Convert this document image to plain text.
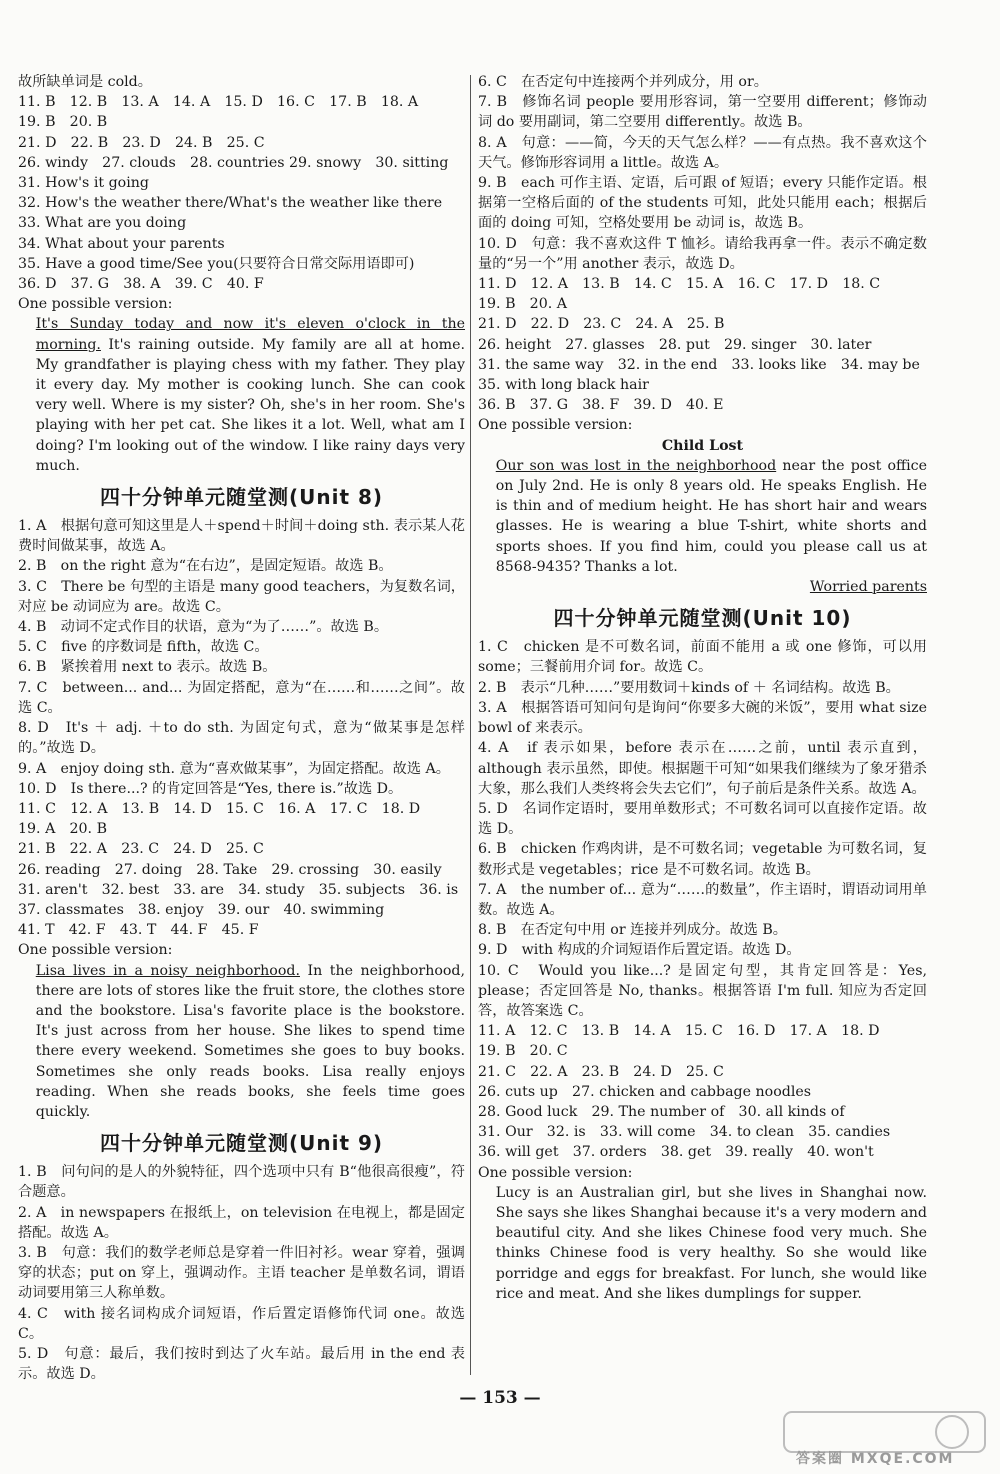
故所缺单词是 cold。

11. B　12. B　13. A　14. A　15. D　16. C　17. B　18. A

19. B　20. B

21. D　22. B　23. D　24. B　25. C

26. windy　27. clouds　28. countries 29. snowy　30. sitting

31. How's it going

32. How's the weather there/What's the weather like there

33. What are you doing

34. What about your parents

35. Have a good time/See you(只要符合日常交际用语即可)

36. D　37. G　38. A　39. C　40. F

One possible version:

It's Sunday today and now it's eleven o'clock in the morning. It's raining outside. My family are all at home. My grandfather is playing chess with my father. They play it every day. My mother is cooking lunch. She can cook very well. Where is my sister? Oh, she's in her room. She's playing with her pet cat. She likes it a lot. Well, what am I doing? I'm looking out of the window. I like rainy days very much.

四十分钟单元随堂测(Unit 8)

1. A　根据句意可知这里是人＋spend＋时间＋doing sth. 表示某人花费时间做某事，故选 A。

2. B　on the right 意为“在右边”，是固定短语。故选 B。

3. C　There be 句型的主语是 many good teachers，为复数名词，对应 be 动词应为 are。故选 C。

4. B　动词不定式作目的状语，意为“为了……”。故选 B。

5. C　five 的序数词是 fifth，故选 C。

6. B　紧挨着用 next to 表示。故选 B。

7. C　between... and... 为固定搭配，意为“在……和……之间”。故选 C。

8. D　It's ＋ adj. ＋to do sth. 为固定句式，意为“做某事是怎样的。”故选 D。

9. A　enjoy doing sth. 意为“喜欢做某事”，为固定搭配。故选 A。

10. D　Is there...? 的肯定回答是“Yes, there is.”故选 D。

11. C　12. A　13. B　14. D　15. C　16. A　17. C　18. D

19. A　20. B

21. B　22. A　23. C　24. D　25. C

26. reading　27. doing　28. Take　29. crossing　30. easily

31. aren't　32. best　33. are　34. study　35. subjects　36. is

37. classmates　38. enjoy　39. our　40. swimming

41. T　42. F　43. T　44. F　45. F

One possible version:

Lisa lives in a noisy neighborhood. In the neighborhood, there are lots of stores like the fruit store, the clothes store and the bookstore. Lisa's favorite place is the bookstore. It's just across from her house. She likes to spend time there every weekend. Sometimes she goes to buy books. Sometimes she only reads books. Lisa really enjoys reading. When she reads books, she feels time goes quickly.

四十分钟单元随堂测(Unit 9)

1. B　问句问的是人的外貌特征，四个选项中只有 B“他很高很瘦”，符合题意。

2. A　in newspapers 在报纸上，on television 在电视上，都是固定搭配。故选 A。

3. B　句意：我们的数学老师总是穿着一件旧衬衫。wear 穿着，强调穿的状态；put on 穿上，强调动作。主语 teacher 是单数名词，谓语动词要用第三人称单数。

4. C　with 接名词构成介词短语，作后置定语修饰代词 one。故选 C。

5. D　句意：最后，我们按时到达了火车站。最后用 in the end 表示。故选 D。

6. C　在否定句中连接两个并列成分，用 or。

7. B　修饰名词 people 要用形容词，第一空要用 different；修饰动词 do 要用副词，第二空要用 differently。故选 B。

8. A　句意：——简，今天的天气怎么样？——有点热。我不喜欢这个天气。修饰形容词用 a little。故选 A。

9. B　each 可作主语、定语，后可跟 of 短语；every 只能作定语。根据第一空格后面的 of the students 可知，此处只能用 each；根据后面的 doing 可知，空格处要用 be 动词 is，故选 B。

10. D　句意：我不喜欢这件 T 恤衫。请给我再拿一件。表示不确定数量的“另一个”用 another 表示，故选 D。

11. D　12. A　13. B　14. C　15. A　16. C　17. D　18. C

19. B　20. A

21. D　22. D　23. C　24. A　25. B

26. height　27. glasses　28. put　29. singer　30. later

31. the same way　32. in the end　33. looks like　34. may be

35. with long black hair

36. B　37. G　38. F　39. D　40. E

One possible version:

Child Lost

Our son was lost in the neighborhood near the post office on July 2nd. He is only 8 years old. He speaks English. He is thin and of medium height. He has short hair and wears glasses. He is wearing a blue T-shirt, white shorts and sports shoes. If you find him, could you please call us at 8568-9435? Thanks a lot.

Worried parents

四十分钟单元随堂测(Unit 10)

1. C　chicken 是不可数名词，前面不能用 a 或 one 修饰，可以用 some；三餐前用介词 for。故选 C。

2. B　表示“几种……”要用数词＋kinds of ＋ 名词结构。故选 B。

3. A　根据答语可知问句是询问“你要多大碗的米饭”，要用 what size bowl of 来表示。

4. A　if 表示如果，before 表示在……之前，until 表示直到，although 表示虽然，即使。根据题干可知“如果我们继续为了象牙猎杀大象，那么我们人类终将会失去它们”，句子前后是条件关系。故选 A。

5. D　名词作定语时，要用单数形式；不可数名词可以直接作定语。故选 D。

6. B　chicken 作鸡肉讲，是不可数名词；vegetable 为可数名词，复数形式是 vegetables；rice 是不可数名词。故选 B。

7. A　the number of... 意为“……的数量”，作主语时，谓语动词用单数。故选 A。

8. B　在否定句中用 or 连接并列成分。故选 B。

9. D　with 构成的介词短语作后置定语。故选 D。

10. C　Would you like...? 是固定句型，其肯定回答是：Yes, please；否定回答是 No, thanks。根据答语 I'm full. 知应为否定回答，故答案选 C。

11. A　12. C　13. B　14. A　15. C　16. D　17. A　18. D

19. B　20. C

21. C　22. A　23. B　24. D　25. C

26. cuts up　27. chicken and cabbage noodles

28. Good luck　29. The number of　30. all kinds of

31. Our　32. is　33. will come　34. to clean　35. candies

36. will get　37. orders　38. get　39. really　40. won't

One possible version:

Lucy is an Australian girl, but she lives in Shanghai now. She says she likes Shanghai because it's a very modern and beautiful city. And she likes Chinese food very much. She thinks Chinese food is very healthy. So she would like porridge and eggs for breakfast. For lunch, she would like rice and meat. And she likes dumplings for supper.

— 153 —
答案圈 MXQE.COM
